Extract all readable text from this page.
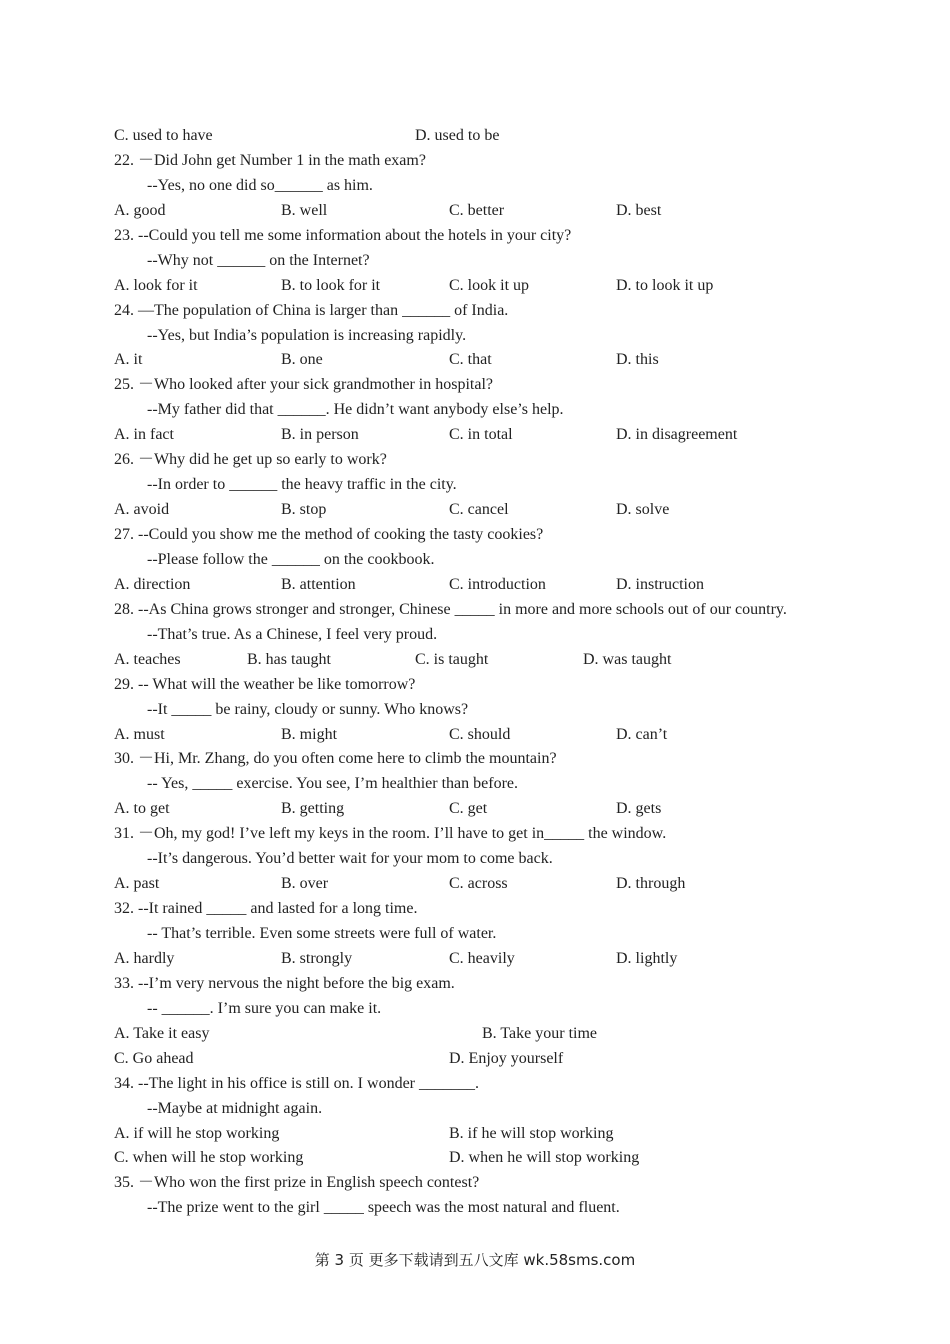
C. used to have	D. used to be
22. －Did John get Number 1 in the math exam?
--Yes, no one did so______ as him.
A. good	B. well	C. better	D. best
23. --Could you tell me some information about the hotels in your city?
--Why not ______ on the Internet?
A. look for it	B. to look for it	C. look it up	D. to look it up
24. —The population of China is larger than ______ of India.
--Yes, but India’s population is increasing rapidly.
A. it	B. one	C. that	D. this
25. －Who looked after your sick grandmother in hospital?
--My father did that ______. He didn’t want anybody else’s help.
A. in fact	B. in person	C. in total	D. in disagreement
26. －Why did he get up so early to work?
--In order to ______ the heavy traffic in the city.
A. avoid	B. stop	C. cancel	D. solve
27. --Could you show me the method of cooking the tasty cookies?
--Please follow the ______ on the cookbook.
A. direction	B. attention	C. introduction	D. instruction
28. --As China grows stronger and stronger, Chinese _____ in more and more schools out of our country.
--That’s true. As a Chinese, I feel very proud.
A. teaches	B. has taught	C. is taught	D. was taught
29. -- What will the weather be like tomorrow?
--It _____ be rainy, cloudy or sunny. Who knows?
A. must	B. might	C. should	D. can’t
30. －Hi, Mr. Zhang, do you often come here to climb the mountain?
-- Yes, _____ exercise. You see, I’m healthier than before.
A. to get	B. getting	C. get	D. gets
31. －Oh, my god! I’ve left my keys in the room. I’ll have to get in_____ the window.
--It’s dangerous. You’d better wait for your mom to come back.
A. past	B. over	C. across	D. through
32. --It rained _____ and lasted for a long time.
-- That’s terrible. Even some streets were full of water.
A. hardly	B. strongly	C. heavily	D. lightly
33. --I’m very nervous the night before the big exam.
-- ______. I’m sure you can make it.
A. Take it easy	B. Take your time
C. Go ahead	D. Enjoy yourself
34. --The light in his office is still on. I wonder _______.
--Maybe at midnight again.
A. if will he stop working	B. if he will stop working
C. when will he stop working	D. when he will stop working
35. －Who won the first prize in English speech contest?
--The prize went to the girl _____ speech was the most natural and fluent.
第 3 页 更多下载请到五八文库 wk.58sms.com
